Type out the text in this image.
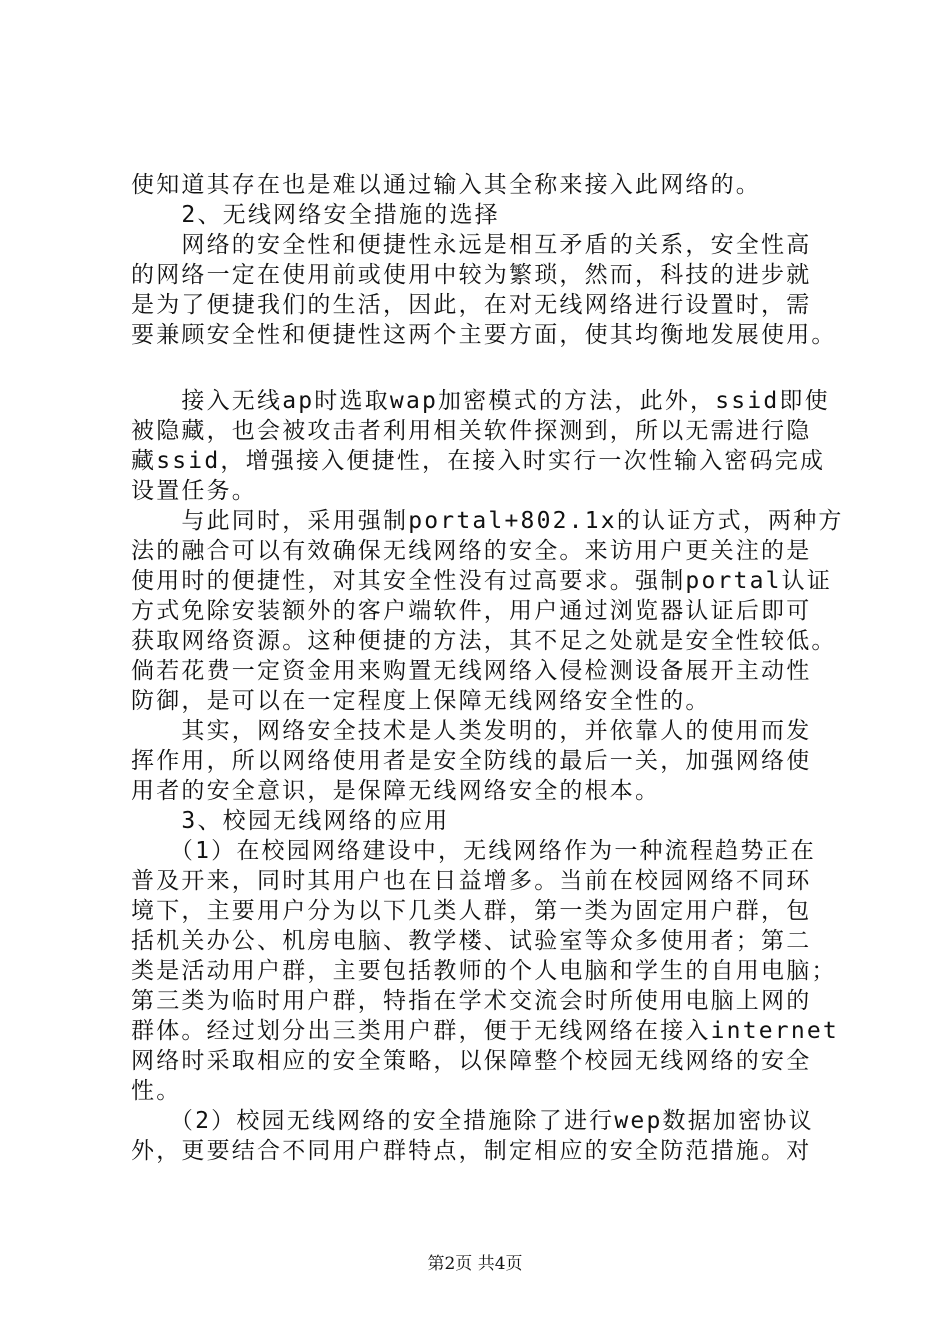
使知道其存在也是难以通过输入其全称来接入此网络的。
　　2、无线网络安全措施的选择
　　网络的安全性和便捷性永远是相互矛盾的关系，安全性高
的网络一定在使用前或使用中较为繁琐，然而，科技的进步就
是为了便捷我们的生活，因此，在对无线网络进行设置时，需
要兼顾安全性和便捷性这两个主要方面，使其均衡地发展使用。
　　接入无线ap时选取wap加密模式的方法，此外，ssid即使
被隐藏，也会被攻击者利用相关软件探测到，所以无需进行隐
藏ssid，增强接入便捷性，在接入时实行一次性输入密码完成
设置任务。
　　与此同时，采用强制portal+802.1x的认证方式，两种方
法的融合可以有效确保无线网络的安全。来访用户更关注的是
使用时的便捷性，对其安全性没有过高要求。强制portal认证
方式免除安装额外的客户端软件，用户通过浏览器认证后即可
获取网络资源。这种便捷的方法，其不足之处就是安全性较低。
倘若花费一定资金用来购置无线网络入侵检测设备展开主动性
防御，是可以在一定程度上保障无线网络安全性的。
　　其实，网络安全技术是人类发明的，并依靠人的使用而发
挥作用，所以网络使用者是安全防线的最后一关，加强网络使
用者的安全意识，是保障无线网络安全的根本。
　　3、校园无线网络的应用
　　（1）在校园网络建设中，无线网络作为一种流程趋势正在
普及开来，同时其用户也在日益增多。当前在校园网络不同环
境下，主要用户分为以下几类人群，第一类为固定用户群，包
括机关办公、机房电脑、教学楼、试验室等众多使用者；第二
类是活动用户群，主要包括教师的个人电脑和学生的自用电脑；
第三类为临时用户群，特指在学术交流会时所使用电脑上网的
群体。经过划分出三类用户群，便于无线网络在接入internet
网络时采取相应的安全策略，以保障整个校园无线网络的安全
性。
　　（2）校园无线网络的安全措施除了进行wep数据加密协议
外，更要结合不同用户群特点，制定相应的安全防范措施。对
第2页 共4页
